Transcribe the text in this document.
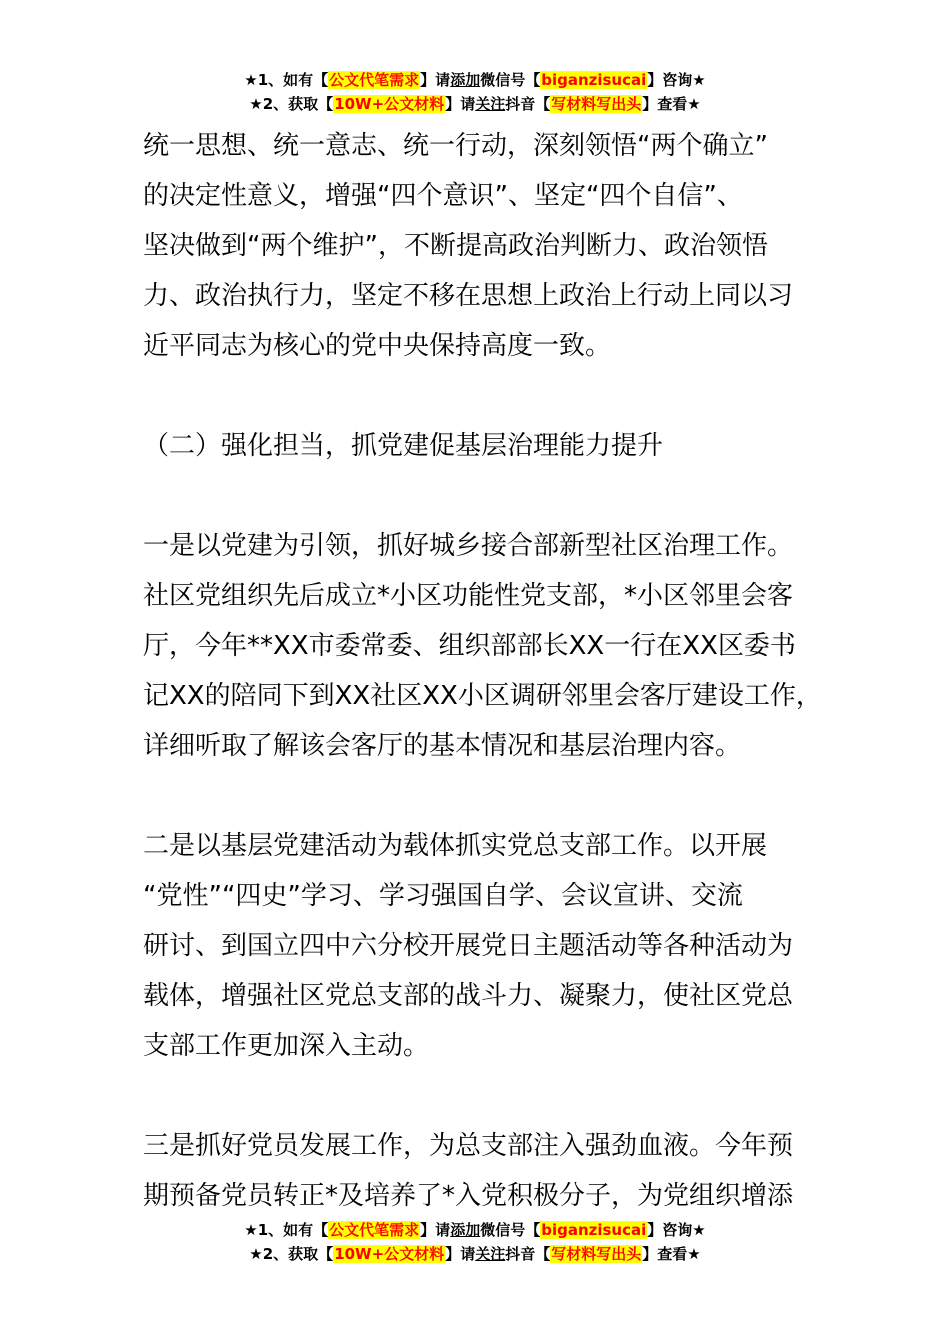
★1、如有【公文代笔需求】请添加微信号【biganzisucai】咨询★
★2、获取【10W+公文材料】请关注抖音【写材料写出头】查看★

统一思想、统一意志、统一行动，深刻领悟“两个确立”

的决定性意义，增强“四个意识”、坚定“四个自信”、

坚决做到“两个维护”，不断提高政治判断力、政治领悟

力、政治执行力，坚定不移在思想上政治上行动上同以习

近平同志为核心的党中央保持高度一致。

（二）强化担当，抓党建促基层治理能力提升

一是以党建为引领，抓好城乡接合部新型社区治理工作。

社区党组织先后成立*小区功能性党支部，*小区邻里会客

厅，今年**XX市委常委、组织部部长XX一行在XX区委书

记XX的陪同下到XX社区XX小区调研邻里会客厅建设工作，

详细听取了解该会客厅的基本情况和基层治理内容。

二是以基层党建活动为载体抓实党总支部工作。以开展

“党性”“四史”学习、学习强国自学、会议宣讲、交流

研讨、到国立四中六分校开展党日主题活动等各种活动为

载体，增强社区党总支部的战斗力、凝聚力，使社区党总

支部工作更加深入主动。

三是抓好党员发展工作，为总支部注入强劲血液。今年预

期预备党员转正*及培养了*入党积极分子，为党组织增添

★1、如有【公文代笔需求】请添加微信号【biganzisucai】咨询★
★2、获取【10W+公文材料】请关注抖音【写材料写出头】查看★
